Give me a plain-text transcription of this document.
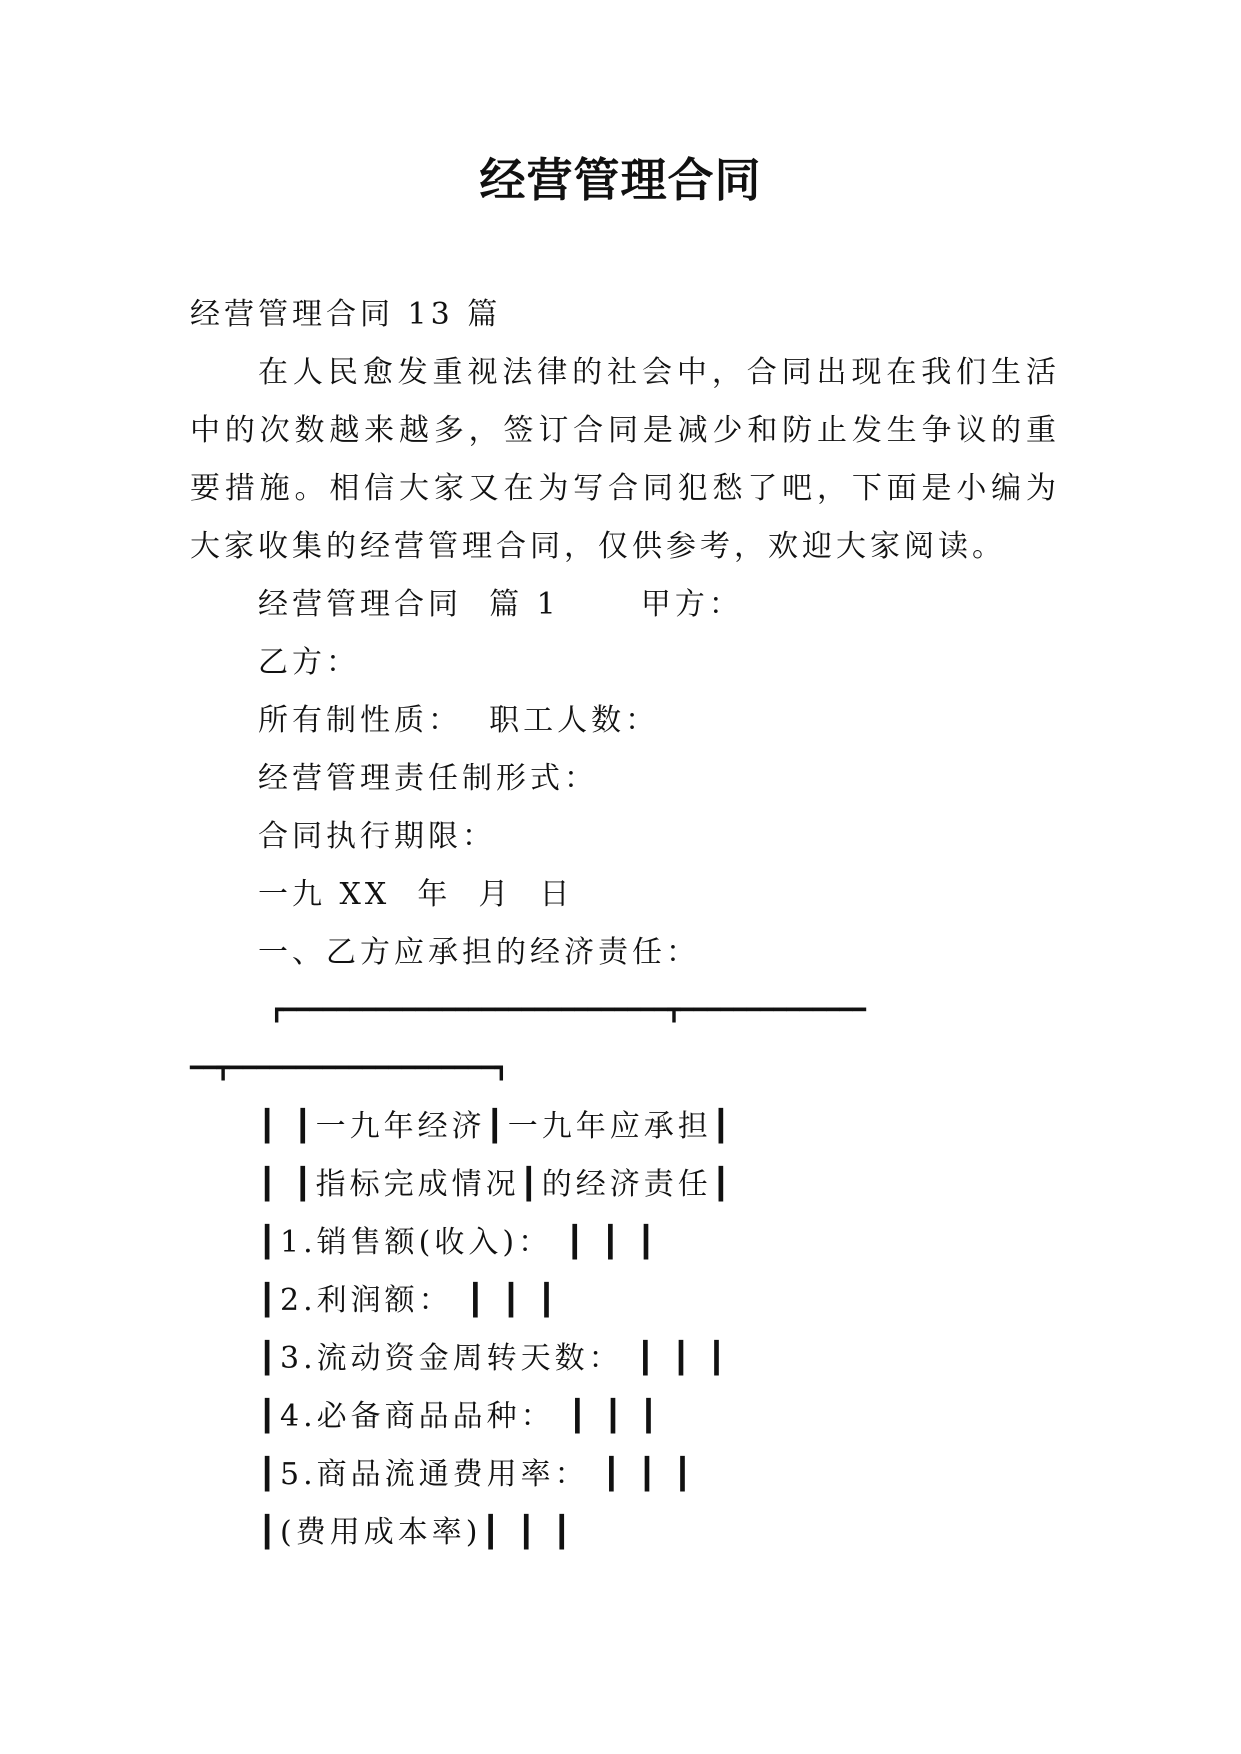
经营管理合同

经营管理合同 13 篇

在人民愈发重视法律的社会中，合同出现在我们生活中的次数越来越多，签订合同是减少和防止发生争议的重要措施。相信大家又在为写合同犯愁了吧，下面是小编为大家收集的经营管理合同，仅供参考，欢迎大家阅读。

经营管理合同  篇 1      甲方：

乙方：

所有制性质：  职工人数：

经营管理责任制形式：

合同执行期限：

一九 XX  年  月  日

一、乙方应承担的经济责任：

┏━━━━━━━━━━━━━━━━━━━━━━━━━━━━━┳━━━━━━━━━━━━━━

━━┳━━━━━━━━━━━━━━━━━━━━┓

┃ ┃一九年经济┃一九年应承担┃

┃ ┃指标完成情况┃的经济责任┃

┃1.销售额(收入)： ┃ ┃ ┃

┃2.利润额： ┃ ┃ ┃

┃3.流动资金周转天数： ┃ ┃ ┃

┃4.必备商品品种： ┃ ┃ ┃

┃5.商品流通费用率： ┃ ┃ ┃

┃(费用成本率)┃ ┃ ┃
